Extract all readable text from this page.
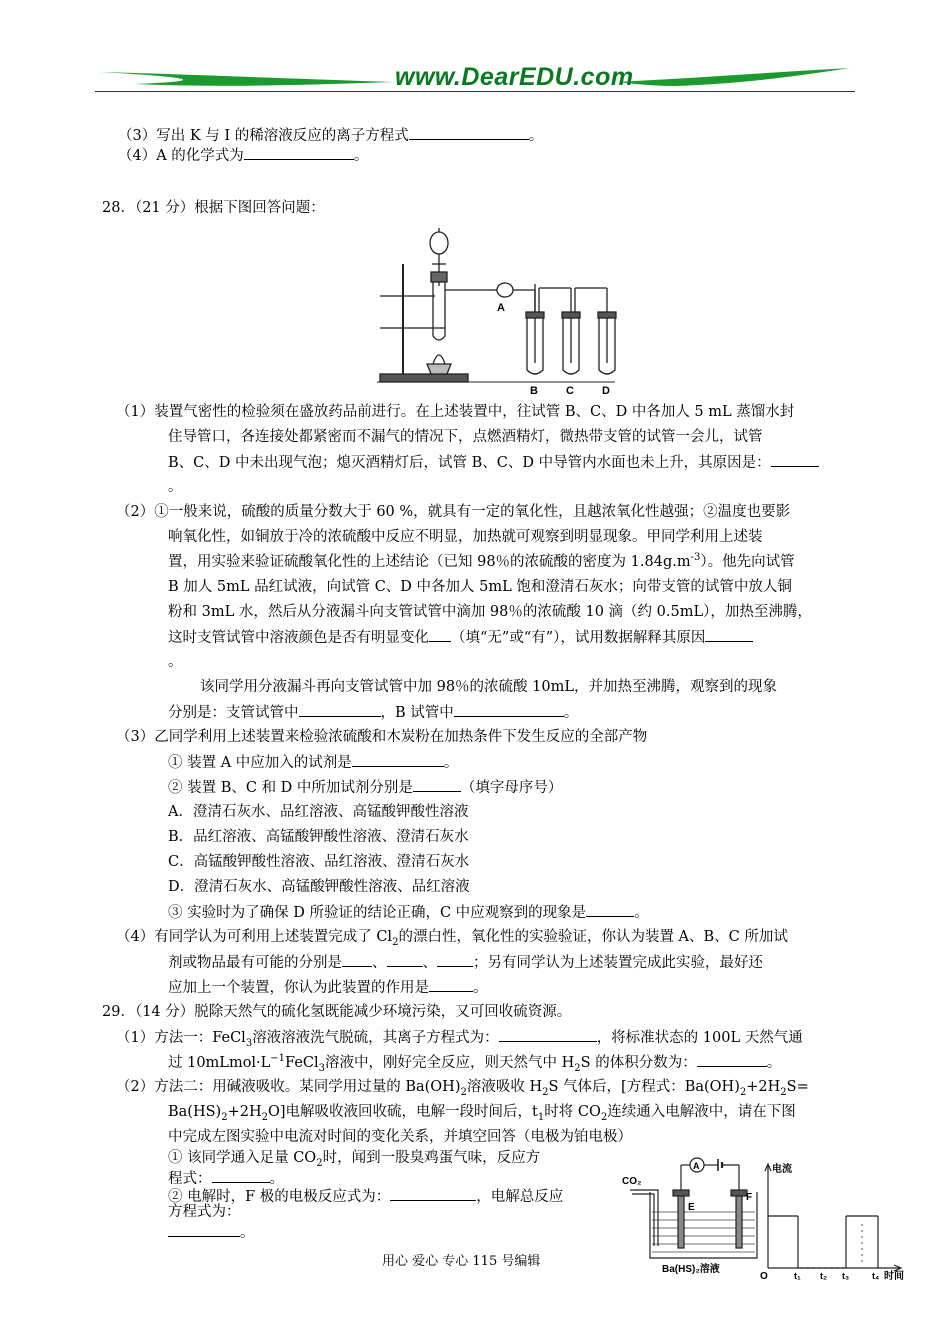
www.DearEDU.com
（3）写出 K 与 I 的稀溶液反应的离子方程式	。
（4）A 的化学式为	。
28．（21 分）根据下图回答问题：
A
B	C	D
（1）装置气密性的检验须在盛放药品前进行。在上述装置中，往试管 B、C、D 中各加人 5 mL 蒸馏水封
住导管口，各连接处都紧密而不漏气的情况下，点燃酒精灯，微热带支管的试管一会儿，试管
B、C、D 中未出现气泡；熄灭酒精灯后，试管 B、C、D 中导管内水面也未上升，其原因是：
。
（2）①一般来说，硫酸的质量分数大于 60 %，就具有一定的氧化性，且越浓氧化性越强；②温度也要影
响氧化性，如铜放于冷的浓硫酸中反应不明显，加热就可观察到明显现象。甲同学利用上述装
置，用实验来验证硫酸氧化性的上述结论（已知 98％的浓硫酸的密度为 $1.84g.m^{-3}$）。他先向试管
B 加人 5mL 品红试液，向试管 C、D 中各加人 5mL 饱和澄清石灰水；向带支管的试管中放人铜
粉和 3mL 水，然后从分液漏斗向支管试管中滴加 98％的浓硫酸 10 滴（约 0.5mL），加热至沸腾，
这时支管试管中溶液颜色是否有明显变化 （填“无”或“有”），试用数据解释其原因
。
该同学用分液漏斗再向支管试管中加 98％的浓硫酸 10mL，并加热至沸腾，观察到的现象
分别是：支管试管中	，B 试管中	。
（3）乙同学利用上述装置来检验浓硫酸和木炭粉在加热条件下发生反应的全部产物
① 装置 A 中应加入的试剂是	。
② 装置 B、C 和 D 中所加试剂分别是	（填字母序号）
A．澄清石灰水、品红溶液、高锰酸钾酸性溶液
B．品红溶液、高锰酸钾酸性溶液、澄清石灰水
C．高锰酸钾酸性溶液、品红溶液、澄清石灰水
D．澄清石灰水、高锰酸钾酸性溶液、品红溶液
③ 实验时为了确保 D 所验证的结论正确，C 中应观察到的现象是	。
（4）有同学认为可利用上述装置完成了 $Cl_2$的漂白性，氧化性的实验验证，你认为装置 A、B、C 所加试
剂或物品最有可能的分别是 、 、 ；另有同学认为上述装置完成此实验，最好还
应加上一个装置，你认为此装置的作用是	。
29．（14 分）脱除天然气的硫化氢既能减少环境污染，又可回收硫资源。
（1）方法一：FeCl$_3$溶液溶液洗气脱硫，其离子方程式为：	，将标准状态的 100L 天然气通
过 $10mLmol\cdot L^{-1}FeCl_3$溶液中，刚好完全反应，则天然气中 $H_2S$ 的体积分数为：	。
（2）方法二：用碱液吸收。某同学用过量的 $Ba(OH)_2$溶液吸收 $H_2S$ 气体后，[方程式：$Ba(OH)_2+2H_2S=$
$Ba(HS)_2+2H_2O$]电解吸收液回收硫，电解一段时间后，$t_1$时将 $CO_2$连续通入电解液中，请在下图
中完成左图实验中电流对时间的变化关系，并填空回答（电极为铂电极）
① 该同学通入足量 $CO_2$时，闻到一股臭鸡蛋气味，反应方
程式：	。
② 电解时，F 极的电极反应式为：	，电解总反应
方程式为：
。
CO₂
A
E
F
Ba(HS)₂溶液
电流
O	t₁ t₂ t₃	t₄ 时间
用心 爱心 专心 115 号编辑
